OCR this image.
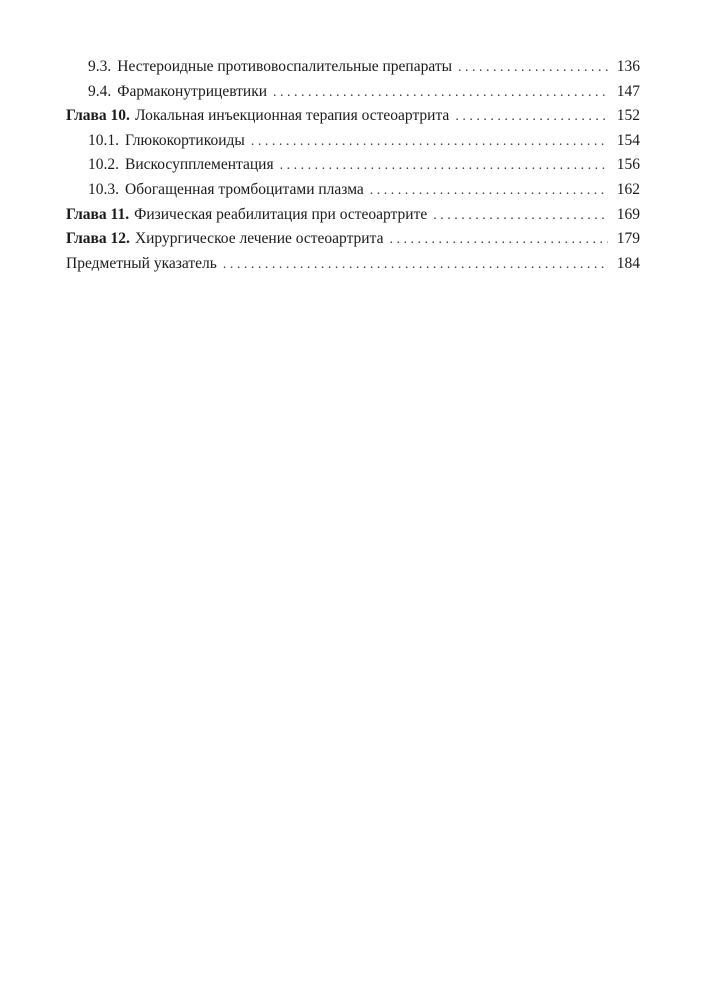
9.3. Нестероидные противовоспалительные препараты . . .	136
9.4. Фармаконутрицевтики . . .	147
Глава 10. Локальная инъекционная терапия остеоартрита . . .	152
10.1. Глюкокортикоиды . . .	154
10.2. Вискосупплементация . . .	156
10.3. Обогащенная тромбоцитами плазма . . .	162
Глава 11. Физическая реабилитация при остеоартрите . . .	169
Глава 12. Хирургическое лечение остеоартрита . . .	179
Предметный указатель . . .	184
